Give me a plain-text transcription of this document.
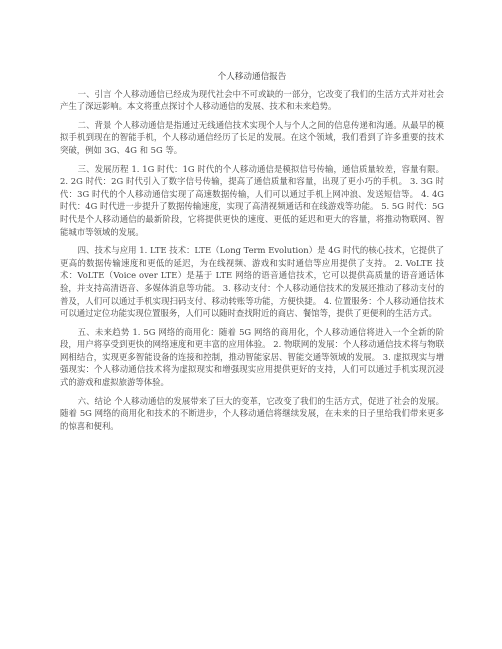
个人移动通信报告

一、引言 个人移动通信已经成为现代社会中不可或缺的一部分，它改变了我们的生活方式并对社会产生了深远影响。本文将重点探讨个人移动通信的发展、技术和未来趋势。

二、背景 个人移动通信是指通过无线通信技术实现个人与个人之间的信息传递和沟通。从最早的模拟手机到现在的智能手机，个人移动通信经历了长足的发展。在这个领域，我们看到了许多重要的技术突破，例如 3G、4G 和 5G 等。

三、发展历程 1. 1G 时代：1G 时代的个人移动通信是模拟信号传输，通信质量较差，容量有限。 2. 2G 时代：2G 时代引入了数字信号传输，提高了通信质量和容量，出现了更小巧的手机。 3. 3G 时代：3G 时代的个人移动通信实现了高速数据传输，人们可以通过手机上网冲浪、发送短信等。 4. 4G 时代：4G 时代进一步提升了数据传输速度，实现了高清视频通话和在线游戏等功能。 5. 5G 时代：5G 时代是个人移动通信的最新阶段，它将提供更快的速度、更低的延迟和更大的容量，将推动物联网、智能城市等领域的发展。

四、技术与应用 1. LTE 技术：LTE（Long Term Evolution）是 4G 时代的核心技术，它提供了更高的数据传输速度和更低的延迟，为在线视频、游戏和实时通信等应用提供了支持。 2. VoLTE 技术：VoLTE（Voice over LTE）是基于 LTE 网络的语音通信技术，它可以提供高质量的语音通话体验，并支持高清语音、多媒体消息等功能。 3. 移动支付：个人移动通信技术的发展还推动了移动支付的普及，人们可以通过手机实现扫码支付、移动转账等功能，方便快捷。 4. 位置服务：个人移动通信技术可以通过定位功能实现位置服务，人们可以随时查找附近的商店、餐馆等，提供了更便利的生活方式。

五、未来趋势 1. 5G 网络的商用化：随着 5G 网络的商用化，个人移动通信将进入一个全新的阶段，用户将享受到更快的网络速度和更丰富的应用体验。 2. 物联网的发展：个人移动通信技术将与物联网相结合，实现更多智能设备的连接和控制，推动智能家居、智能交通等领域的发展。 3. 虚拟现实与增强现实：个人移动通信技术将为虚拟现实和增强现实应用提供更好的支持，人们可以通过手机实现沉浸式的游戏和虚拟旅游等体验。

六、结论 个人移动通信的发展带来了巨大的变革，它改变了我们的生活方式，促进了社会的发展。随着 5G 网络的商用化和技术的不断进步，个人移动通信将继续发展，在未来的日子里给我们带来更多的惊喜和便利。
